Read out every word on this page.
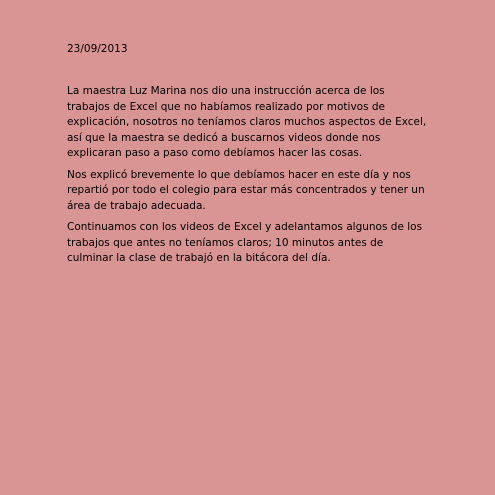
23/09/2013

La maestra Luz Marina nos dio una instrucción acerca de los
trabajos de Excel que no habíamos realizado por motivos de
explicación, nosotros no teníamos claros muchos aspectos de Excel,
así que la maestra se dedicó a buscarnos videos donde nos
explicaran paso a paso como debíamos hacer las cosas.

Nos explicó brevemente lo que debíamos hacer en este día y nos
repartió por todo el colegio para estar más concentrados y tener un
área de trabajo adecuada.

Continuamos con los videos de Excel y adelantamos algunos de los
trabajos que antes no teníamos claros; 10 minutos antes de
culminar la clase de trabajó en la bitácora del día.
